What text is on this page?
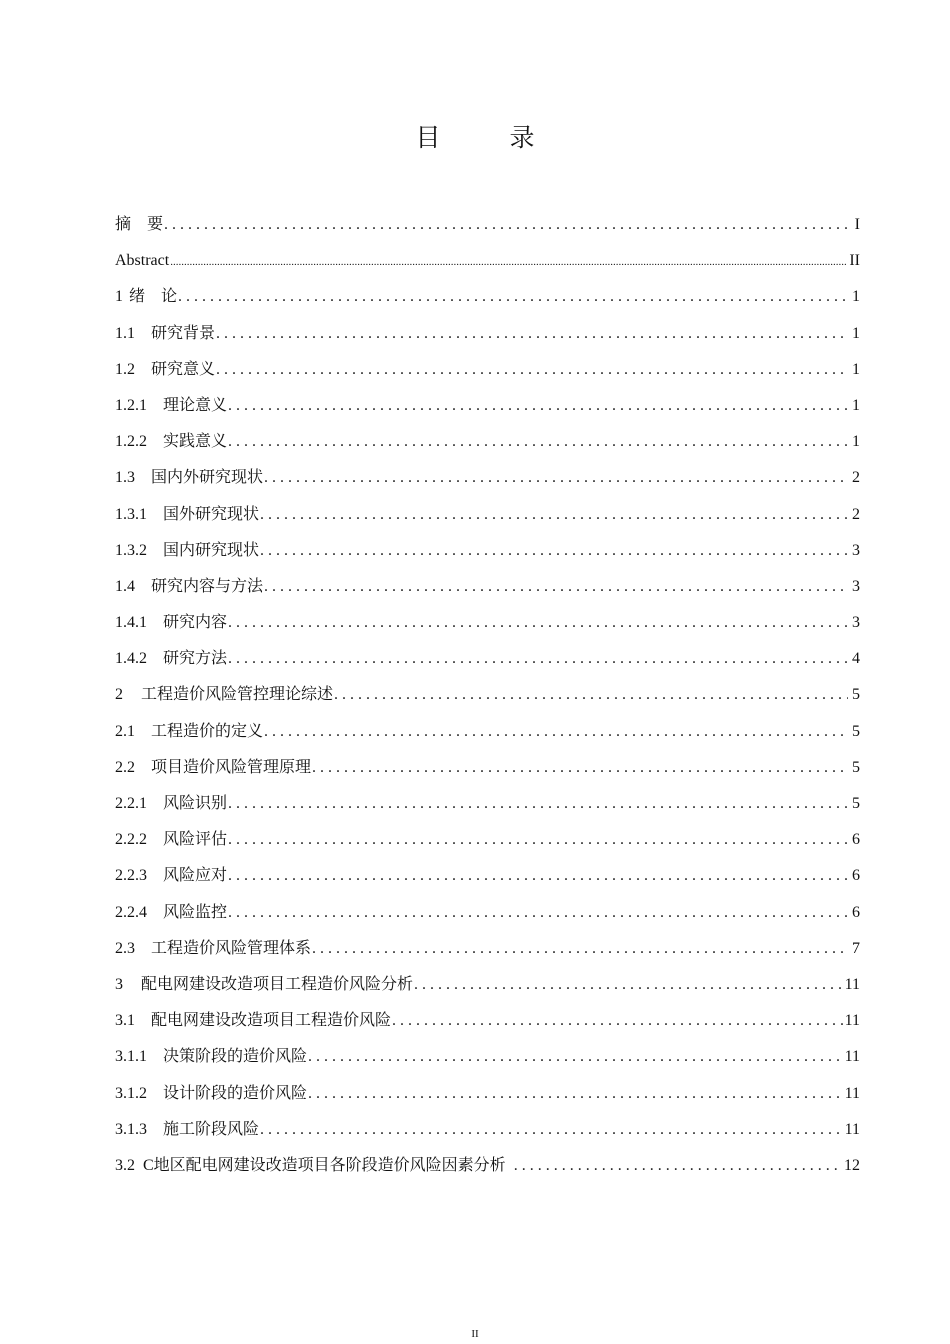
目　录
摘　要 . . .	I
Abstract .....	II
1 绪　论 . . .	1
1.1	研究背景 . . .	1
1.2	研究意义 . . .	1
1.2.1	理论意义 . . .	1
1.2.2	实践意义 . . .	1
1.3	国内外研究现状 . . .	2
1.3.1	国外研究现状 . . .	2
1.3.2	国内研究现状 . . .	3
1.4	研究内容与方法 . . .	3
1.4.1	研究内容 . . .	3
1.4.2	研究方法 . . .	4
2	工程造价风险管控理论综述 . . .	5
2.1	工程造价的定义 . . .	5
2.2	项目造价风险管理原理 . . .	5
2.2.1	风险识别 . . .	5
2.2.2	风险评估 . . .	6
2.2.3	风险应对 . . .	6
2.2.4	风险监控 . . .	6
2.3	工程造价风险管理体系 . . .	7
3	配电网建设改造项目工程造价风险分析 . . .	11
3.1	配电网建设改造项目工程造价风险 . . .	11
3.1.1	决策阶段的造价风险 . . .	11
3.1.2	设计阶段的造价风险 . . .	11
3.1.3	施工阶段风险 . . .	11
3.2 C地区配电网建设改造项目各阶段造价风险因素分析 . . .	12
II
